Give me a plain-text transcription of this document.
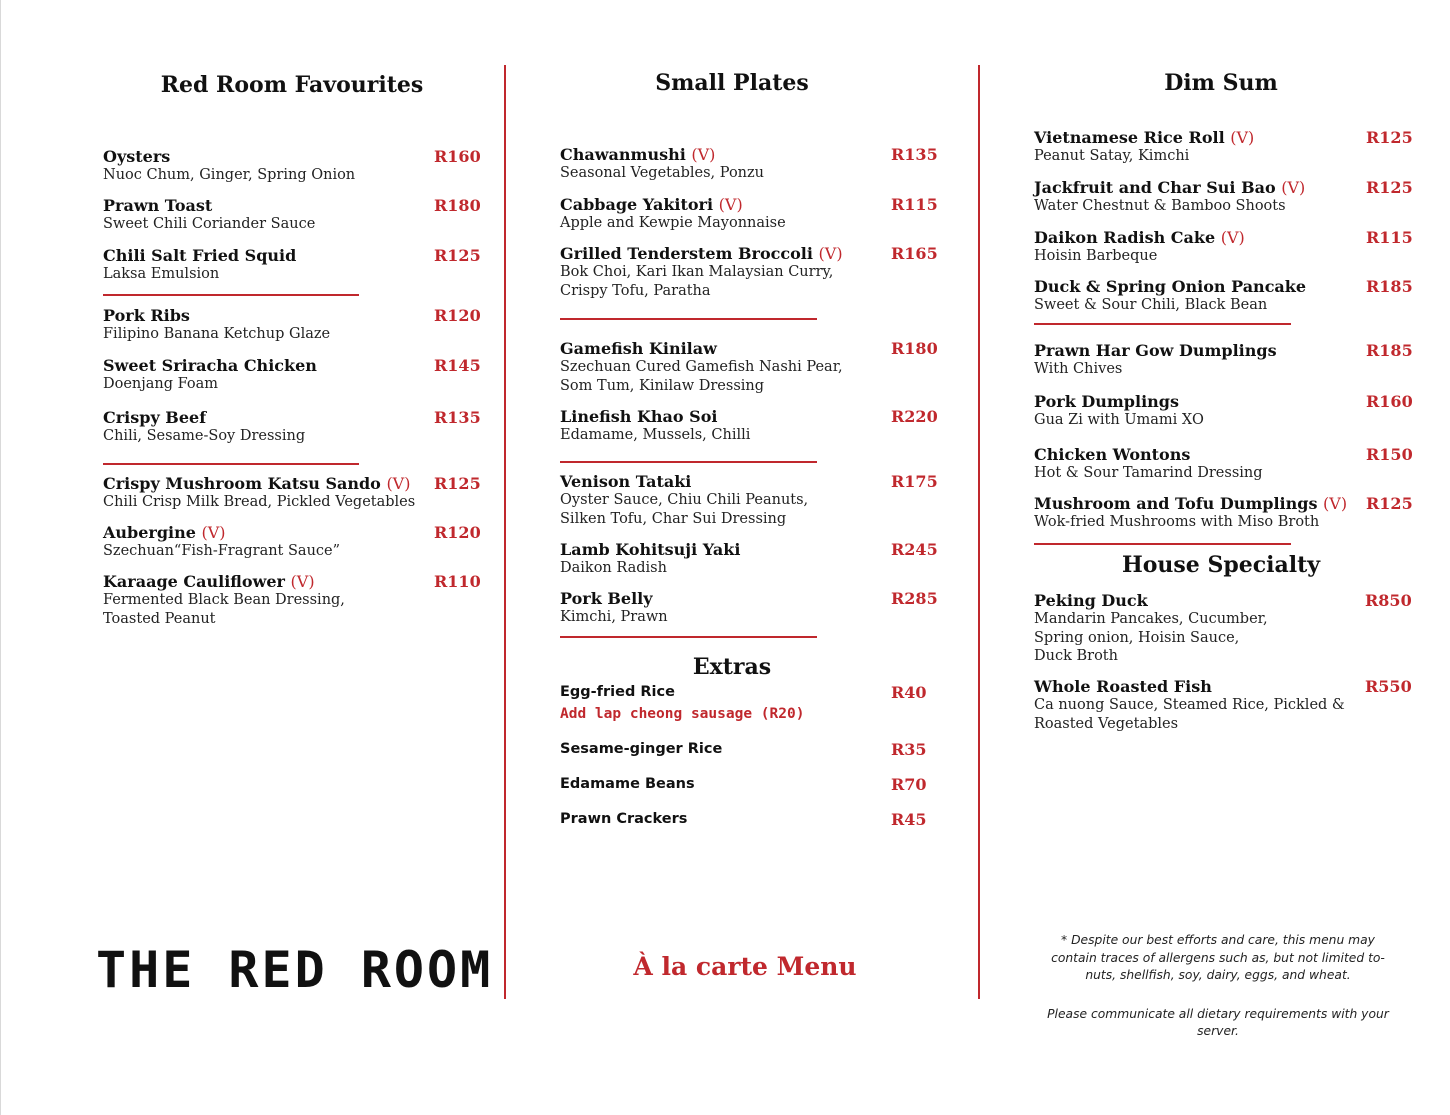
Red Room Favourites
Oysters
Nuoc Chum, Ginger, Spring Onion
R160
Prawn Toast
Sweet Chili Coriander Sauce
R180
Chili Salt Fried Squid
Laksa Emulsion
R125
Pork Ribs
Filipino Banana Ketchup Glaze
R120
Sweet Sriracha Chicken
Doenjang Foam
R145
Crispy Beef
Chili, Sesame-Soy Dressing
R135
Crispy Mushroom Katsu Sando (V)
Chili Crisp Milk Bread, Pickled Vegetables
R125
Aubergine (V)
Szechuan“Fish-Fragrant Sauce”
R120
Karaage Cauliflower (V)
Fermented Black Bean Dressing,
Toasted Peanut
R110
Small Plates
Chawanmushi (V)
Seasonal Vegetables, Ponzu
R135
Cabbage Yakitori (V)
Apple and Kewpie Mayonnaise
R115
Grilled Tenderstem Broccoli (V)
Bok Choi, Kari Ikan Malaysian Curry,
Crispy Tofu, Paratha
R165
Gamefish Kinilaw
Szechuan Cured Gamefish Nashi Pear,
Som Tum, Kinilaw Dressing
R180
Linefish Khao Soi
Edamame, Mussels, Chilli
R220
Venison Tataki
Oyster Sauce, Chiu Chili Peanuts,
Silken Tofu, Char Sui Dressing
R175
Lamb Kohitsuji Yaki
Daikon Radish
R245
Pork Belly
Kimchi, Prawn
R285
Extras
Egg-fried Rice
Add lap cheong sausage (R20)
R40
Sesame-ginger Rice	R35
Edamame Beans	R70
Prawn Crackers	R45
Dim Sum
Vietnamese Rice Roll (V)
Peanut Satay, Kimchi
R125
Jackfruit and Char Sui Bao (V)
Water Chestnut & Bamboo Shoots
R125
Daikon Radish Cake (V)
Hoisin Barbeque
R115
Duck & Spring Onion Pancake
Sweet & Sour Chili, Black Bean
R185
Prawn Har Gow Dumplings
With Chives
R185
Pork Dumplings
Gua Zi with Umami XO
R160
Chicken Wontons
Hot & Sour Tamarind Dressing
R150
Mushroom and Tofu Dumplings (V)
Wok-fried Mushrooms with Miso Broth
R125
House Specialty
Peking Duck
Mandarin Pancakes, Cucumber,
Spring onion, Hoisin Sauce,
Duck Broth
R850
Whole Roasted Fish
Ca nuong Sauce, Steamed Rice, Pickled &
Roasted Vegetables
R550
THE RED ROOM	À la carte Menu

* Despite our best efforts and care, this menu may contain traces of allergens such as, but not limited to- nuts, shellfish, soy, dairy, eggs, and wheat.

Please communicate all dietary requirements with your server.
